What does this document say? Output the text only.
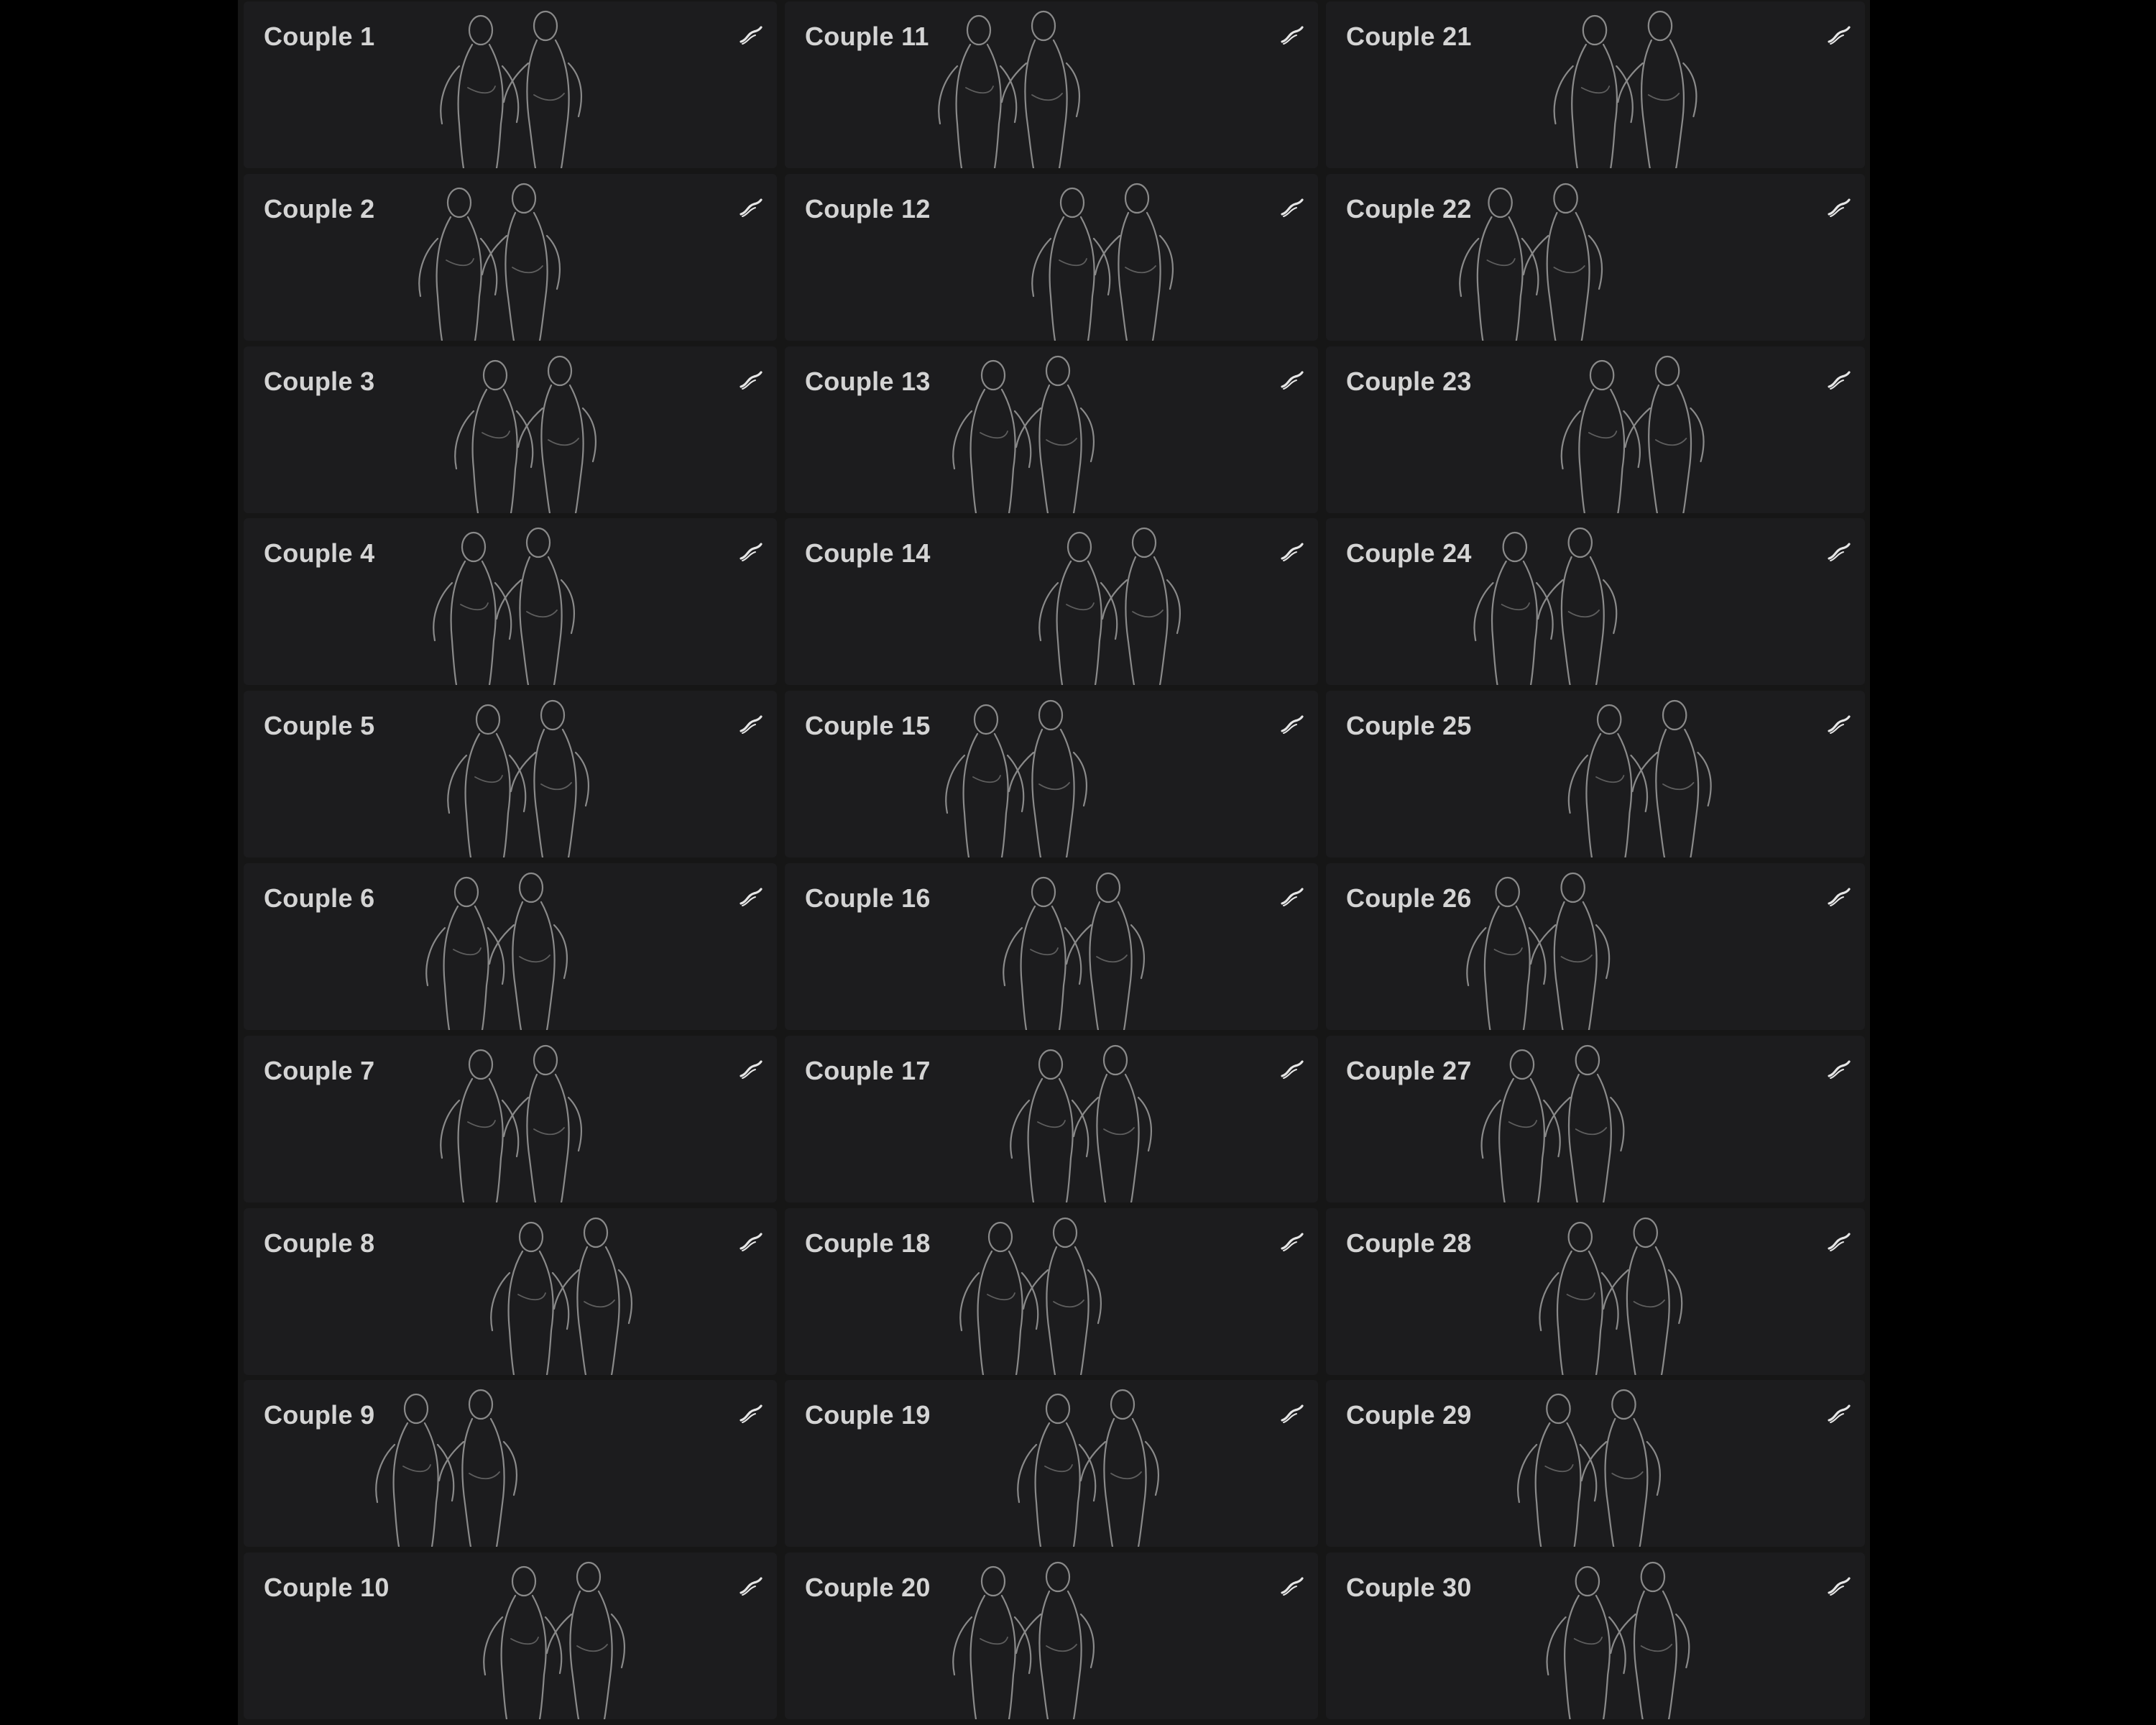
Couple 1	Couple 11	Couple 21
Couple 2	Couple 12	Couple 22
Couple 3	Couple 13	Couple 23
Couple 4	Couple 14	Couple 24
Couple 5	Couple 15	Couple 25
Couple 6	Couple 16	Couple 26
Couple 7	Couple 17	Couple 27
Couple 8	Couple 18	Couple 28
Couple 9	Couple 19	Couple 29
Couple 10	Couple 20	Couple 30
